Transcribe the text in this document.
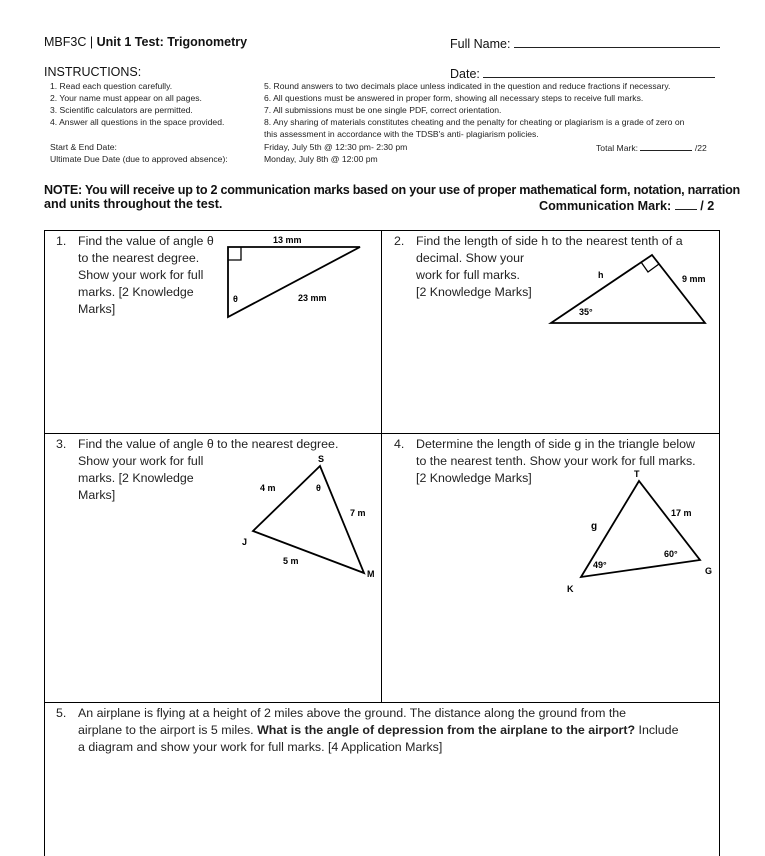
MBF3C | Unit 1 Test: Trigonometry	Full Name:
INSTRUCTIONS:	Date:
1. Read each question carefully.
2. Your name must appear on all pages.
3. Scientific calculators are permitted.
4. Answer all questions in the space provided.
5. Round answers to two decimals place unless indicated in the question and reduce fractions if necessary.
6. All questions must be answered in proper form, showing all necessary steps to receive full marks.
7. All submissions must be one single PDF, correct orientation.
8. Any sharing of materials constitutes cheating and the penalty for cheating or plagiarism is a grade of zero on
this assessment in accordance with the TDSB's anti- plagiarism policies.
Start & End Date:
Ultimate Due Date (due to approved absence):
Friday, July 5th @ 12:30 pm- 2:30 pm
Monday, July 8th @ 12:00 pm
Total Mark:	/22
NOTE: You will receive up to 2 communication marks based on your use of proper mathematical form, notation, narration
and units throughout the test.	Communication Mark: / 2
1. Find the value of angle θ
to the nearest degree.
Show your work for full
marks. [2 Knowledge
Marks]
13 mm
23 mm
θ
2. Find the length of side h to the nearest tenth of a
decimal. Show your
work for full marks.
[2 Knowledge Marks]
h	9 mm
35°
3. Find the value of angle θ to the nearest degree.
Show your work for full
marks. [2 Knowledge
Marks]
S
J
M
4 m
7 m
5 m
θ
4. Determine the length of side g in the triangle below
to the nearest tenth. Show your work for full marks.
[2 Knowledge Marks]	T
K
G
g
17 m
49°
60°
5. An airplane is flying at a height of 2 miles above the ground. The distance along the ground from the
airplane to the airport is 5 miles. What is the angle of depression from the airplane to the airport? Include
a diagram and show your work for full marks. [4 Application Marks]
